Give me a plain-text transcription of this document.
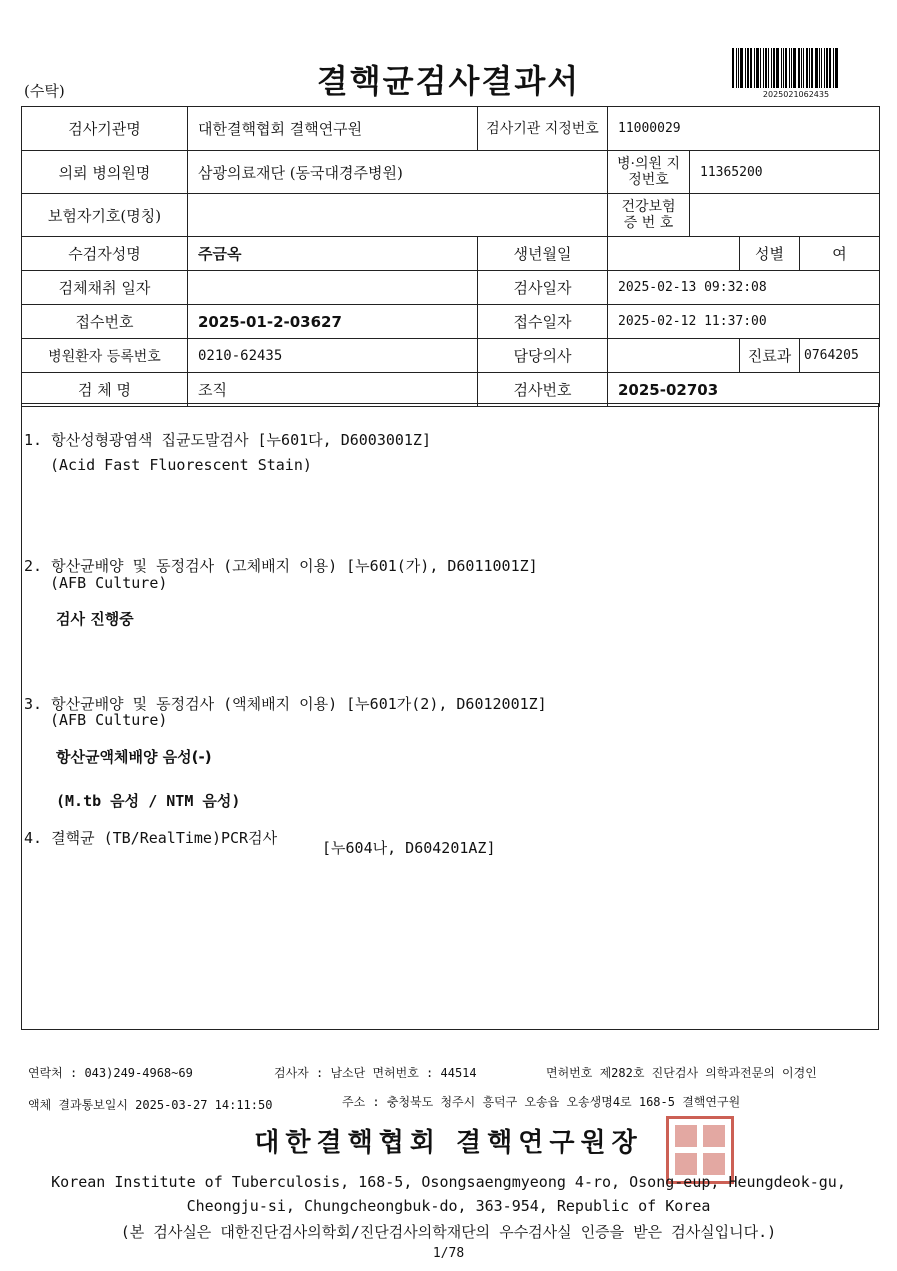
(수탁)	결핵균검사결과서	2025021062435
검사기관명	대한결핵협회 결핵연구원	검사기관 지정번호	11000029			
의뢰 병의원명	삼광의료재단 (동국대경주병원)		병·의원 지정번호	11365200		
보험자기호(명칭)			건강보험 증 번 호			
수검자성명	주금옥	생년월일			성별	여
검체채취 일자		검사일자	2025-02-13 09:32:08			
접수번호	2025-01-2-03627	접수일자	2025-02-12 11:37:00			
병원환자 등록번호	0210-62435	담당의사			진료과	0764205
검 체 명	조직	검사번호	2025-02703			
1. 항산성형광염색 집균도말검사 [누601다, D6003001Z]
(Acid Fast Fluorescent Stain)
2. 항산균배양 및 동정검사 (고체배지 이용) [누601(가), D6011001Z]
(AFB Culture)
검사 진행중
3. 항산균배양 및 동정검사 (액체배지 이용) [누601가(2), D6012001Z]
(AFB Culture)
항산균액체배양 음성(-)
(M.tb 음성 / NTM 음성)
4. 결핵균 (TB/RealTime)PCR검사
[누604나, D604201AZ]
연락처 : 043)249-4968~69	검사자 : 남소단 면허번호 : 44514	면허번호 제282호 진단검사 의학과전문의 이경인
액체 결과통보일시 2025-03-27 14:11:50	주소 : 충청북도 청주시 흥덕구 오송읍 오송생명4로 168-5 결핵연구원
대한결핵협회 결핵연구원장
Korean Institute of Tuberculosis, 168-5, Osongsaengmyeong 4-ro, Osong-eup, Heungdeok-gu,
Cheongju-si, Chungcheongbuk-do, 363-954, Republic of Korea
(본 검사실은 대한진단검사의학회/진단검사의학재단의 우수검사실 인증을 받은 검사실입니다.)
1/78
